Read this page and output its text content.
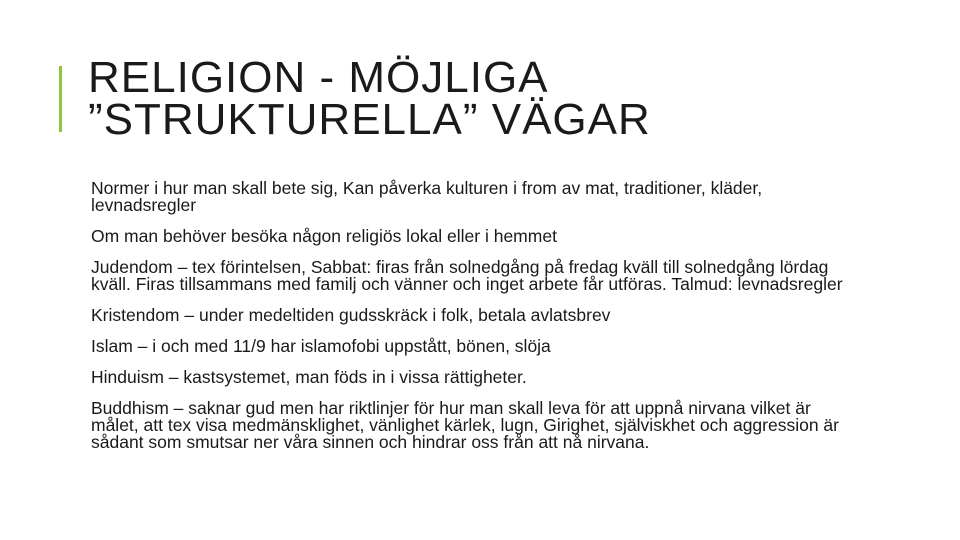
RELIGION - MÖJLIGA
”STRUKTURELLA” VÄGAR

Normer i hur man skall bete sig, Kan påverka kulturen i from av mat, traditioner, kläder, levnadsregler

Om man behöver besöka någon religiös lokal eller i hemmet

Judendom – tex förintelsen, Sabbat: firas från solnedgång på fredag kväll till solnedgång lördag kväll. Firas tillsammans med familj och vänner och inget arbete får utföras. Talmud: levnadsregler

Kristendom – under medeltiden gudsskräck i folk, betala avlatsbrev

Islam – i och med 11/9 har islamofobi uppstått, bönen, slöja

Hinduism – kastsystemet, man föds in i vissa rättigheter.

Buddhism – saknar gud men har riktlinjer för hur man skall leva för att uppnå nirvana vilket är målet, att tex visa medmänsklighet, vänlighet kärlek, lugn, Girighet, själviskhet och aggression är sådant som smutsar ner våra sinnen och hindrar oss från att nå nirvana.
